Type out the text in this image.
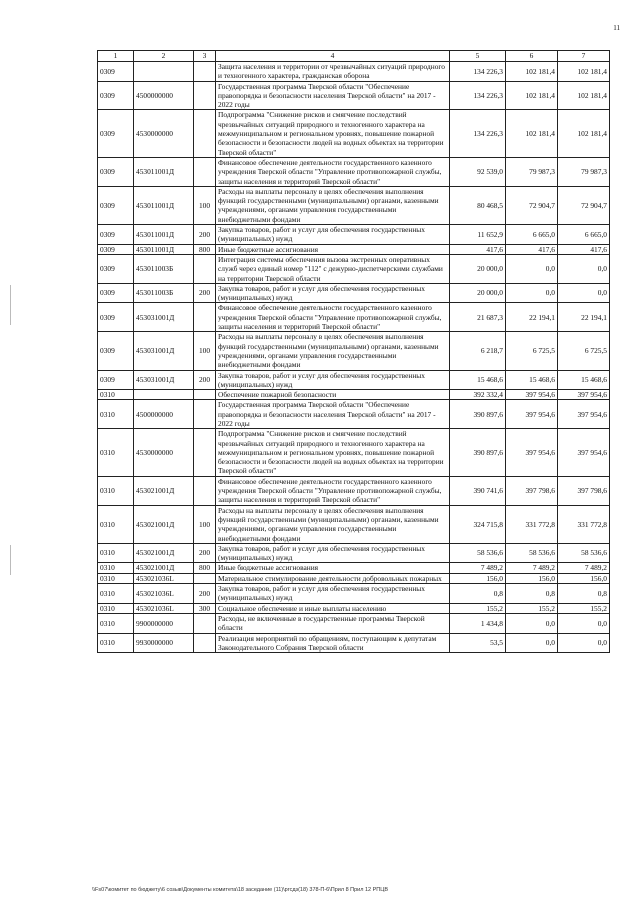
11
1	2	3	4	5	6	7
0309			Защита населения и территории от чрезвычайных ситуаций природного и техногенного характера, гражданская оборона	134 226,3	102 181,4	102 181,4
0309	4500000000		Государственная программа Тверской области "Обеспечение правопорядка и безопасности населения Тверской области" на 2017 - 2022 годы	134 226,3	102 181,4	102 181,4
0309	4530000000		Подпрограмма "Снижение рисков и смягчение последствий чрезвычайных ситуаций природного и техногенного характера на межмуниципальном и региональном уровнях, повышение пожарной безопасности и безопасности людей на водных объектах на территории Тверской области"	134 226,3	102 181,4	102 181,4
0309	453011001Д		Финансовое обеспечение деятельности государственного казенного учреждения Тверской области "Управление противопожарной службы, защиты населения и территорий Тверской области"	92 539,0	79 987,3	79 987,3
0309	453011001Д	100	Расходы на выплаты персоналу в целях обеспечения выполнения функций государственными (муниципальными) органами, казенными учреждениями, органами управления государственными внебюджетными фондами	80 468,5	72 904,7	72 904,7
0309	453011001Д	200	Закупка товаров, работ и услуг для обеспечения государственных (муниципальных) нужд	11 652,9	6 665,0	6 665,0
0309	453011001Д	800	Иные бюджетные ассигнования	417,6	417,6	417,6
0309	453011003Б		Интеграция системы обеспечения вызова экстренных оперативных служб через единый номер "112" с дежурно-диспетчерскими службами на территории Тверской области	20 000,0	0,0	0,0
0309	453011003Б	200	Закупка товаров, работ и услуг для обеспечения государственных (муниципальных) нужд	20 000,0	0,0	0,0
0309	453031001Д		Финансовое обеспечение деятельности государственного казенного учреждения Тверской области "Управление противопожарной службы, защиты населения и территорий Тверской области"	21 687,3	22 194,1	22 194,1
0309	453031001Д	100	Расходы на выплаты персоналу в целях обеспечения выполнения функций государственными (муниципальными) органами, казенными учреждениями, органами управления государственными внебюджетными фондами	6 218,7	6 725,5	6 725,5
0309	453031001Д	200	Закупка товаров, работ и услуг для обеспечения государственных (муниципальных) нужд	15 468,6	15 468,6	15 468,6
0310			Обеспечение пожарной безопасности	392 332,4	397 954,6	397 954,6
0310	4500000000		Государственная программа Тверской области "Обеспечение правопорядка и безопасности населения Тверской области" на 2017 - 2022 годы	390 897,6	397 954,6	397 954,6
0310	4530000000		Подпрограмма "Снижение рисков и смягчение последствий чрезвычайных ситуаций природного и техногенного характера на межмуниципальном и региональном уровнях, повышение пожарной безопасности и безопасности людей на водных объектах на территории Тверской области"	390 897,6	397 954,6	397 954,6
0310	453021001Д		Финансовое обеспечение деятельности государственного казенного учреждения Тверской области "Управление противопожарной службы, защиты населения и территорий Тверской области"	390 741,6	397 798,6	397 798,6
0310	453021001Д	100	Расходы на выплаты персоналу в целях обеспечения выполнения функций государственными (муниципальными) органами, казенными учреждениями, органами управления государственными внебюджетными фондами	324 715,8	331 772,8	331 772,8
0310	453021001Д	200	Закупка товаров, работ и услуг для обеспечения государственных (муниципальных) нужд	58 536,6	58 536,6	58 536,6
0310	453021001Д	800	Иные бюджетные ассигнования	7 489,2	7 489,2	7 489,2
0310	453021036L		Материальное стимулирование деятельности добровольных пожарных	156,0	156,0	156,0
0310	453021036L	200	Закупка товаров, работ и услуг для обеспечения государственных (муниципальных) нужд	0,8	0,8	0,8
0310	453021036L	300	Социальное обеспечение и иные выплаты населению	155,2	155,2	155,2
0310	9900000000		Расходы, не включенные в государственные программы Тверской области	1 434,8	0,0	0,0
0310	9930000000		Реализация мероприятий по обращениям, поступающим к депутатам Законодательного Собрания Тверской области	53,5	0,0	0,0
\\Fs07\комитет по бюджету\6 созыв\Документы комитета\18 заседание (11)\ргсдз(18) 378-П-6\Прил 8 Прил 12 РПЦВ
